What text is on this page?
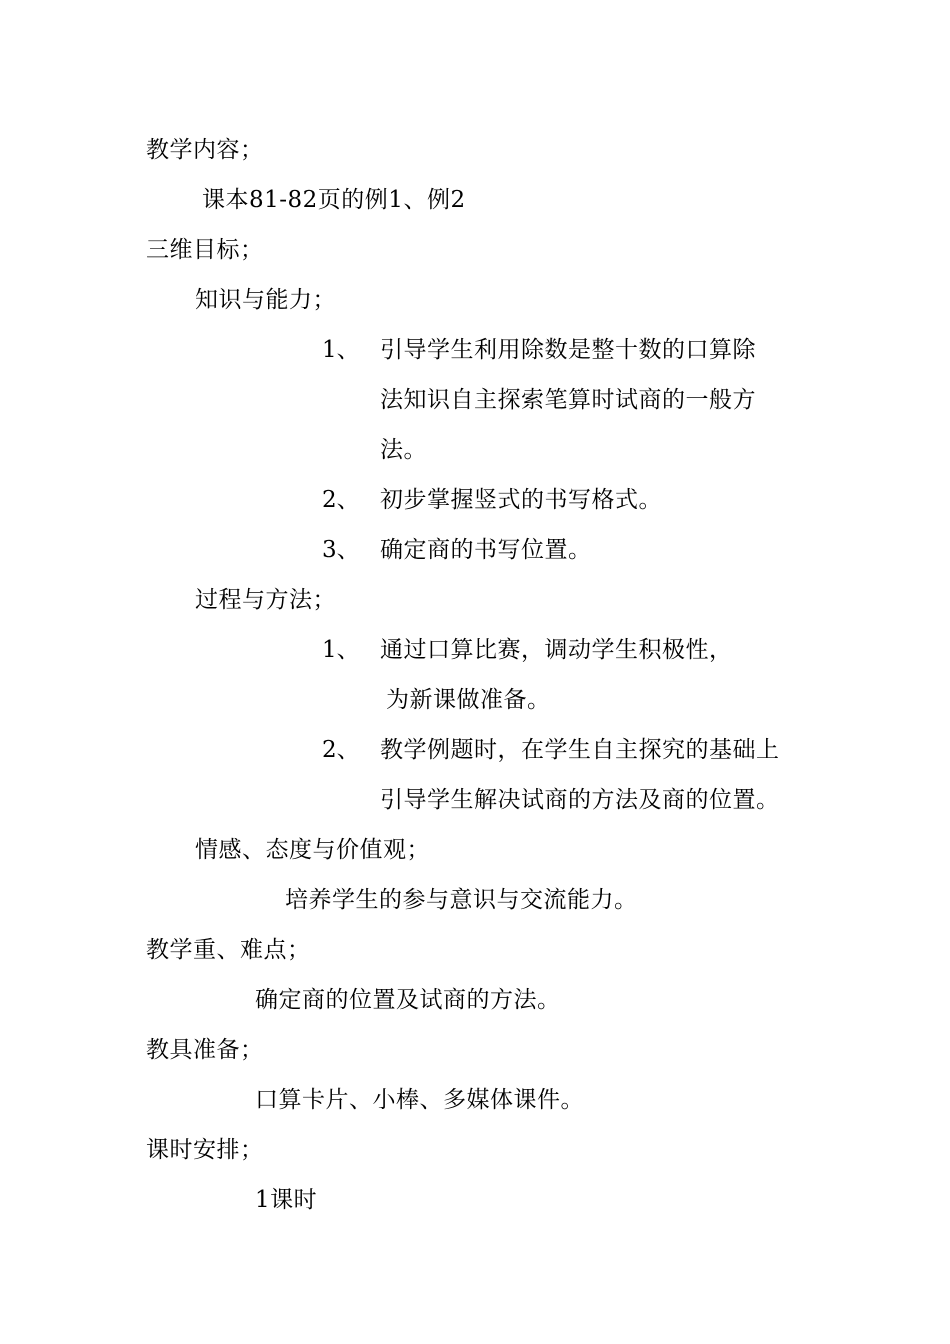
教学内容；
课本81-82页的例1、例2
三维目标；
知识与能力；
1、 引导学生利用除数是整十数的口算除
法知识自主探索笔算时试商的一般方
法。
2、 初步掌握竖式的书写格式。
3、 确定商的书写位置。
过程与方法；
1、 通过口算比赛，调动学生积极性，
为新课做准备。
2、 教学例题时，在学生自主探究的基础上
引导学生解决试商的方法及商的位置。
情感、态度与价值观；
培养学生的参与意识与交流能力。
教学重、难点；
确定商的位置及试商的方法。
教具准备；
口算卡片、小棒、多媒体课件。
课时安排；
1课时
